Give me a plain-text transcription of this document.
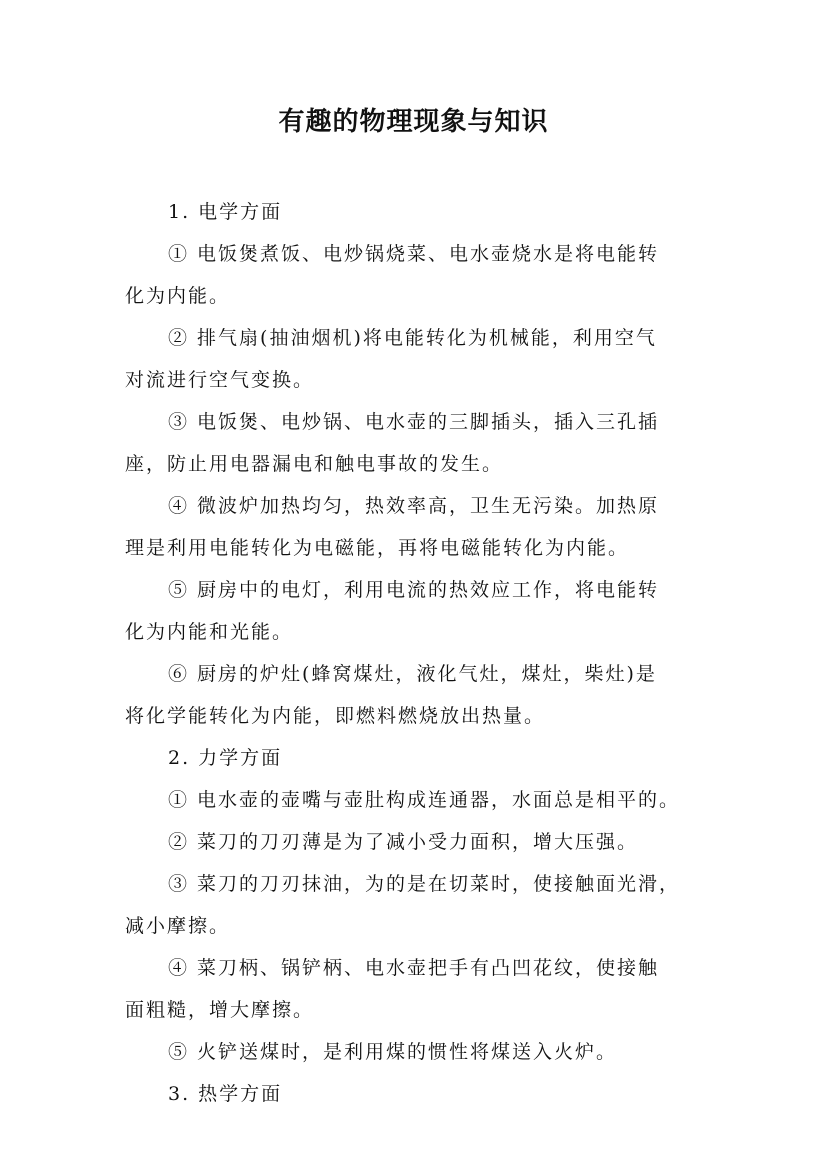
有趣的物理现象与知识

1. 电学方面

① 电饭煲煮饭、电炒锅烧菜、电水壶烧水是将电能转
化为内能。

② 排气扇(抽油烟机)将电能转化为机械能，利用空气
对流进行空气变换。

③ 电饭煲、电炒锅、电水壶的三脚插头，插入三孔插
座，防止用电器漏电和触电事故的发生。

④ 微波炉加热均匀，热效率高，卫生无污染。加热原
理是利用电能转化为电磁能，再将电磁能转化为内能。

⑤ 厨房中的电灯，利用电流的热效应工作，将电能转
化为内能和光能。

⑥ 厨房的炉灶(蜂窝煤灶，液化气灶，煤灶，柴灶)是
将化学能转化为内能，即燃料燃烧放出热量。

2. 力学方面

① 电水壶的壶嘴与壶肚构成连通器，水面总是相平的。

② 菜刀的刀刃薄是为了减小受力面积，增大压强。

③ 菜刀的刀刃抹油，为的是在切菜时，使接触面光滑，
减小摩擦。

④ 菜刀柄、锅铲柄、电水壶把手有凸凹花纹，使接触
面粗糙，增大摩擦。

⑤ 火铲送煤时，是利用煤的惯性将煤送入火炉。

3. 热学方面
